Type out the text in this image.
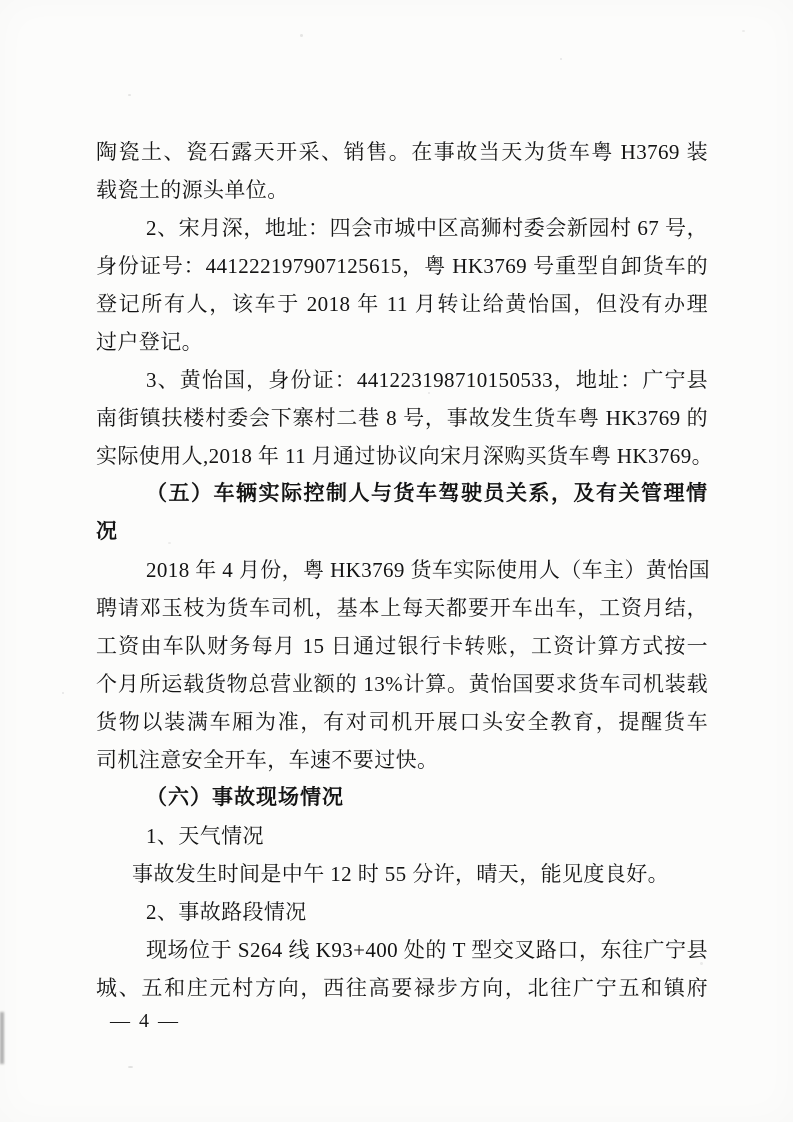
陶瓷土、瓷石露天开采、销售。在事故当天为货车粤 H3769 装
载瓷土的源头单位。
2、宋月深，地址：四会市城中区高狮村委会新园村 67 号，
身份证号：441222197907125615，粤 HK3769 号重型自卸货车的
登记所有人，该车于 2018 年 11 月转让给黄怡国，但没有办理
过户登记。
3、黄怡国，身份证：441223198710150533，地址：广宁县
南街镇扶楼村委会下寨村二巷 8 号，事故发生货车粤 HK3769 的
实际使用人,2018 年 11 月通过协议向宋月深购买货车粤 HK3769。
（五）车辆实际控制人与货车驾驶员关系，及有关管理情
况
2018 年 4 月份，粤 HK3769 货车实际使用人（车主）黄怡国
聘请邓玉枝为货车司机，基本上每天都要开车出车，工资月结，
工资由车队财务每月 15 日通过银行卡转账，工资计算方式按一
个月所运载货物总营业额的 13%计算。黄怡国要求货车司机装载
货物以装满车厢为准，有对司机开展口头安全教育，提醒货车
司机注意安全开车，车速不要过快。
（六）事故现场情况
1、天气情况
事故发生时间是中午 12 时 55 分许，晴天，能见度良好。
2、事故路段情况
现场位于 S264 线 K93+400 处的 T 型交叉路口，东往广宁县
城、五和庄元村方向，西往高要禄步方向，北往广宁五和镇府
— 4 —
